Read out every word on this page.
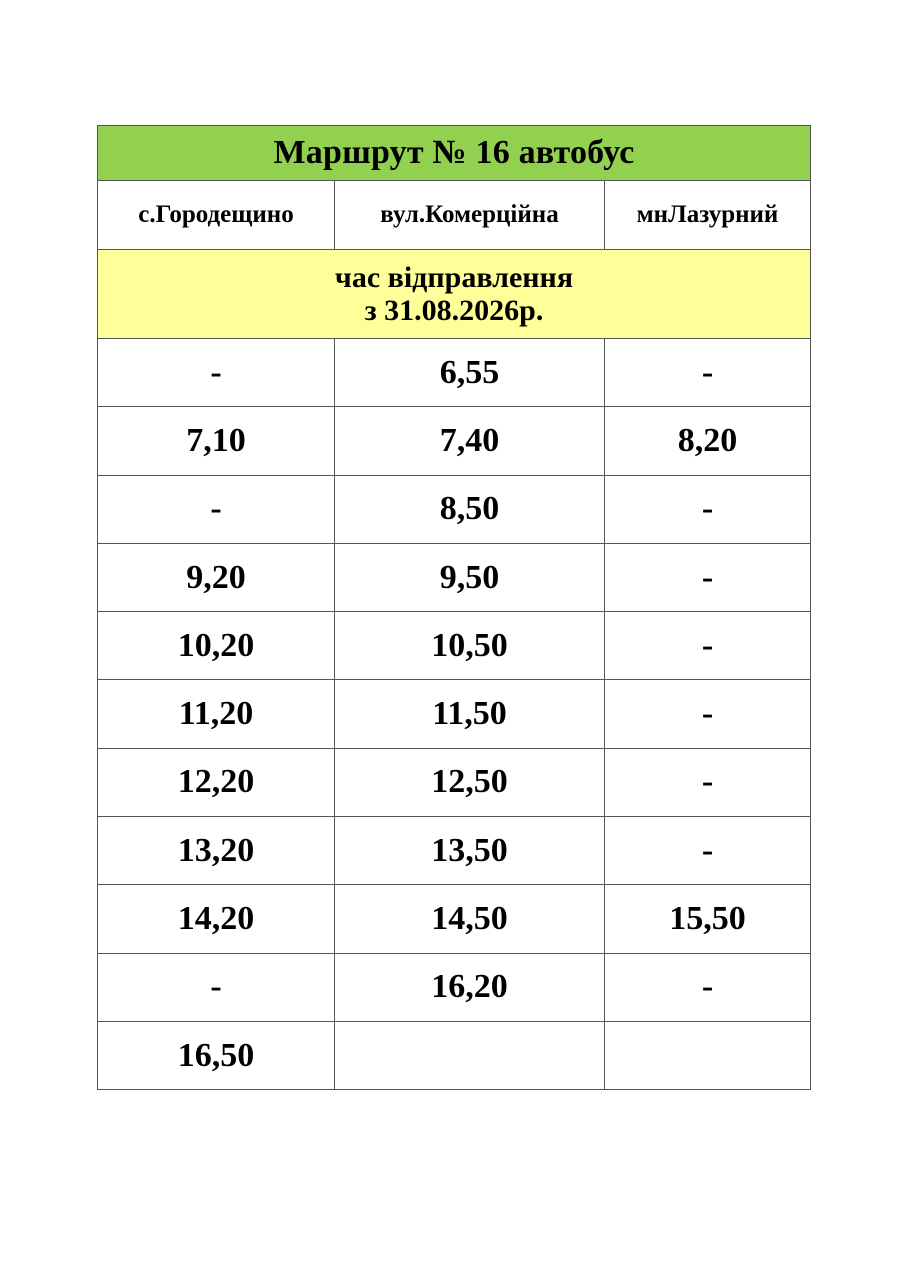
Маршрут № 16 автобус		
с.Городещино	вул.Комерційна	мнЛазурний

час відправлення
з 31.08.2026р.		

-	6,55	-
7,10	7,40	8,20
-	8,50	-
9,20	9,50	-
10,20	10,50	-
11,20	11,50	-
12,20	12,50	-
13,20	13,50	-
14,20	14,50	15,50
-	16,20	-
16,50		
